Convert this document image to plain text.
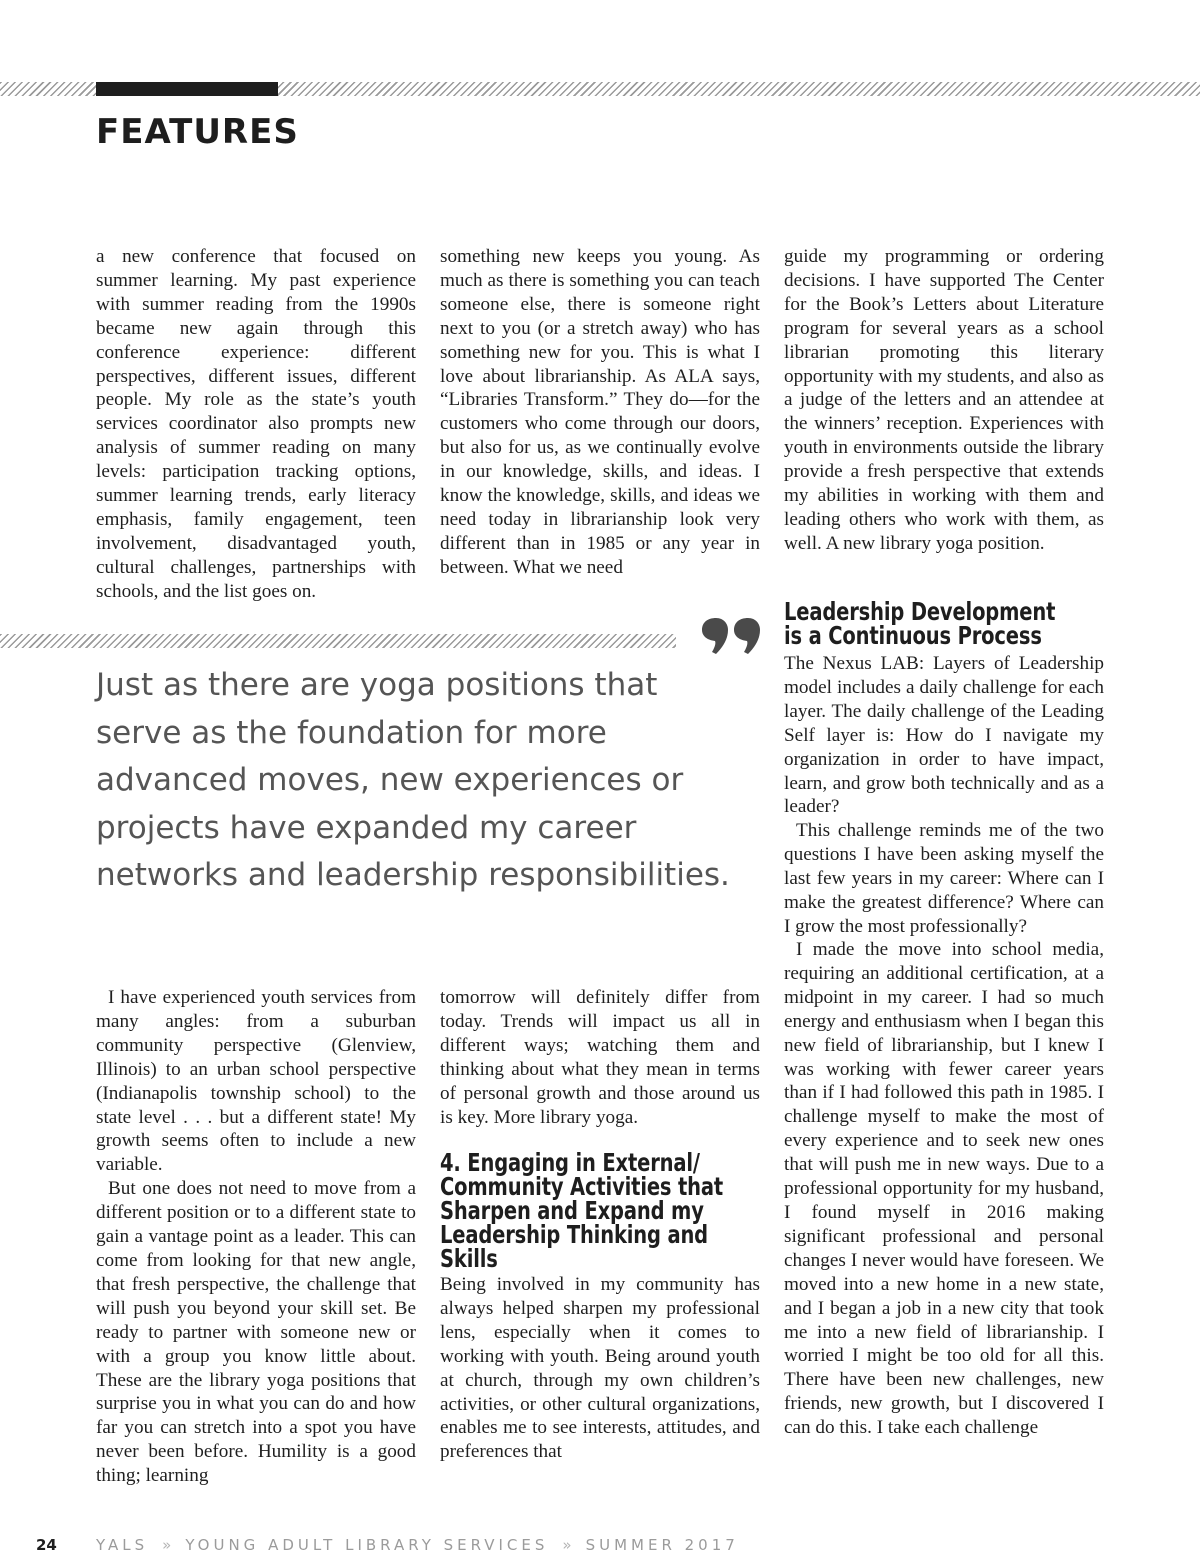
FEATURES

a new conference that focused on summer learning. My past experience with summer reading from the 1990s became new again through this conference experience: different perspectives, different issues, different people. My role as the state’s youth services coordinator also prompts new analysis of summer reading on many levels: participation tracking options, summer learning trends, early literacy emphasis, family engagement, teen involvement, disadvantaged youth, cultural challenges, partnerships with schools, and the list goes on.

something new keeps you young. As much as there is something you can teach someone else, there is someone right next to you (or a stretch away) who has something new for you. This is what I love about librarianship. As ALA says, “Libraries Transform.” They do—for the customers who come through our doors, but also for us, as we continually evolve in our knowledge, skills, and ideas. I know the knowledge, skills, and ideas we need today in librarianship look very different than in 1985 or any year in between. What we need

guide my programming or ordering decisions. I have supported The Center for the Book’s Letters about Literature program for several years as a school librarian promoting this literary opportunity with my students, and also as a judge of the letters and an attendee at the winners’ reception. Experiences with youth in environments outside the library provide a fresh perspective that extends my abilities in working with them and leading others who work with them, as well. A new library yoga position.

Just as there are yoga positions that serve as the foundation for more advanced moves, new experiences or projects have expanded my career networks and leadership responsibilities.

Leadership Development
is a Continuous Process

The Nexus LAB: Layers of Leadership model includes a daily challenge for each layer. The daily challenge of the Leading Self layer is: How do I navigate my organization in order to have impact, learn, and grow both technically and as a leader?

This challenge reminds me of the two questions I have been asking myself the last few years in my career: Where can I make the greatest difference? Where can I grow the most professionally?

I made the move into school media, requiring an additional certification, at a midpoint in my career. I had so much energy and enthusiasm when I began this new field of librarianship, but I knew I was working with fewer career years than if I had followed this path in 1985. I challenge myself to make the most of every experience and to seek new ones that will push me in new ways. Due to a professional opportunity for my husband, I found myself in 2016 making significant professional and personal changes I never would have foreseen. We moved into a new home in a new state, and I began a job in a new city that took me into a new field of librarianship. I worried I might be too old for all this. There have been new challenges, new friends, new growth, but I discovered I can do this. I take each challenge

I have experienced youth services from many angles: from a suburban community perspective (Glenview, Illinois) to an urban school perspective (Indianapolis township school) to the state level . . . but a different state! My growth seems often to include a new variable.

But one does not need to move from a different position or to a different state to gain a vantage point as a leader. This can come from looking for that new angle, that fresh perspective, the challenge that will push you beyond your skill set. Be ready to partner with someone new or with a group you know little about. These are the library yoga positions that surprise you in what you can do and how far you can stretch into a spot you have never been before. Humility is a good thing; learning

tomorrow will definitely differ from today. Trends will impact us all in different ways; watching them and thinking about what they mean in terms of personal growth and those around us is key. More library yoga.

4. Engaging in External/ Community Activities that Sharpen and Expand my Leadership Thinking and Skills

Being involved in my community has always helped sharpen my professional lens, especially when it comes to working with youth. Being around youth at church, through my own children’s activities, or other cultural organizations, enables me to see interests, attitudes, and preferences that

24	YALS » YOUNG ADULT LIBRARY SERVICES » SUMMER 2017
